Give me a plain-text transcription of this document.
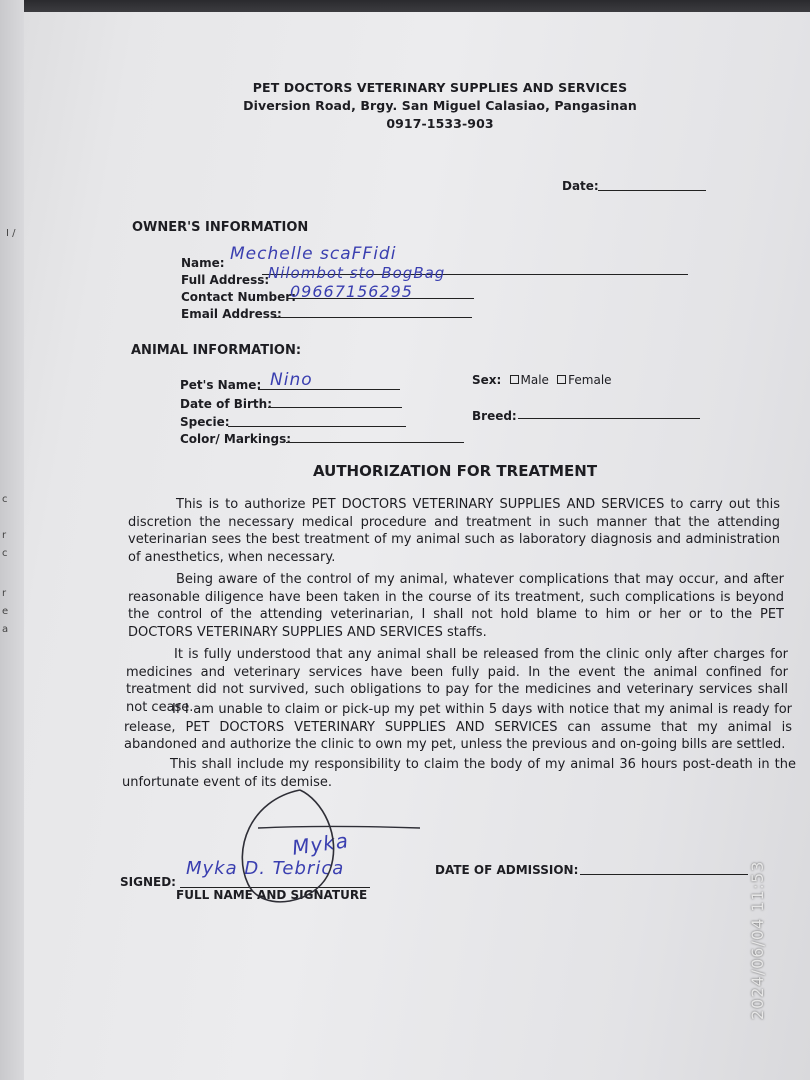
I /
c
r
c
r
e
a
PET DOCTORS VETERINARY SUPPLIES AND SERVICES
Diversion Road, Brgy. San Miguel Calasiao, Pangasinan
0917-1533-903
Date:
OWNER'S INFORMATION
Name: Mechelle scaFFidi
Full Address:
Nilombot sto BogBag
Contact Number:
09667156295
Email Address:
ANIMAL INFORMATION:
Pet's Name: Nino	Sex: Male Female
Date of Birth:
Specie:	Breed:
Color/ Markings:
AUTHORIZATION FOR TREATMENT
This is to authorize PET DOCTORS VETERINARY SUPPLIES AND SERVICES to carry out this discretion the necessary medical procedure and treatment in such manner that the attending veterinarian sees the best treatment of my animal such as laboratory diagnosis and administration of anesthetics, when necessary.
Being aware of the control of my animal, whatever complications that may occur, and after reasonable diligence have been taken in the course of its treatment, such complications is beyond the control of the attending veterinarian, I shall not hold blame to him or her or to the PET DOCTORS VETERINARY SUPPLIES AND SERVICES staffs.
It is fully understood that any animal shall be released from the clinic only after charges for medicines and veterinary services have been fully paid. In the event the animal confined for treatment did not survived, such obligations to pay for the medicines and veterinary services shall not cease.
If I am unable to claim or pick-up my pet within 5 days with notice that my animal is ready for release, PET DOCTORS VETERINARY SUPPLIES AND SERVICES can assume that my animal is abandoned and authorize the clinic to own my pet, unless the previous and on-going bills are settled.
This shall include my responsibility to claim the body of my animal 36 hours post-death in the unfortunate event of its demise.
SIGNED:
Myka D. Tebrica
Myka
FULL NAME AND SIGNATURE
DATE OF ADMISSION:	2024/06/04 11:53
